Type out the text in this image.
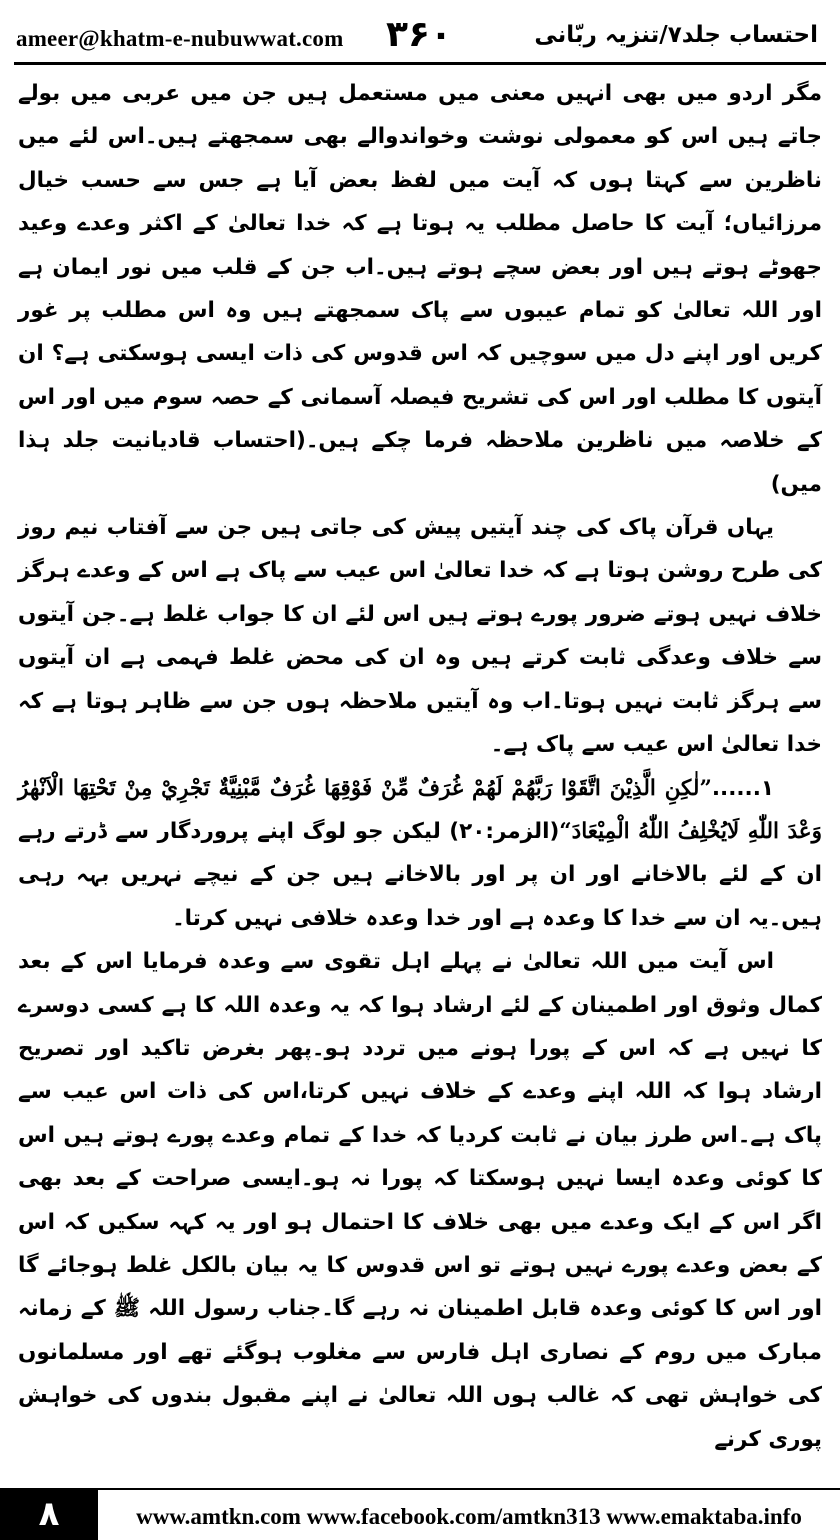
ameer@khatm-e-nubuwwat.com ۳۶۰	احتساب جلد۷/تنزیہ ربّانی

مگر اردو میں بھی انہیں معنی میں مستعمل ہیں جن میں عربی میں بولے جاتے ہیں اس کو معمولی نوشت وخواندوالے بھی سمجھتے ہیں۔اس لئے میں ناظرین سے کہتا ہوں کہ آیت میں لفظ بعض آیا ہے جس سے حسب خیال مرزائیاں؛ آیت کا حاصل مطلب یہ ہوتا ہے کہ خدا تعالیٰ کے اکثر وعدے وعید جھوٹے ہوتے ہیں اور بعض سچے ہوتے ہیں۔اب جن کے قلب میں نور ایمان ہے اور اللہ تعالیٰ کو تمام عیبوں سے پاک سمجھتے ہیں وہ اس مطلب پر غور کریں اور اپنے دل میں سوچیں کہ اس قدوس کی ذات ایسی ہوسکتی ہے؟ ان آیتوں کا مطلب اور اس کی تشریح فیصلہ آسمانی کے حصہ سوم میں اور اس کے خلاصہ میں ناظرین ملاحظہ فرما چکے ہیں۔(احتساب قادیانیت جلد ہذا میں)

یہاں قرآن پاک کی چند آیتیں پیش کی جاتی ہیں جن سے آفتاب نیم روز کی طرح روشن ہوتا ہے کہ خدا تعالیٰ اس عیب سے پاک ہے اس کے وعدے ہرگز خلاف نہیں ہوتے ضرور پورے ہوتے ہیں اس لئے ان کا جواب غلط ہے۔جن آیتوں سے خلاف وعدگی ثابت کرتے ہیں وہ ان کی محض غلط فہمی ہے ان آیتوں سے ہرگز ثابت نہیں ہوتا۔اب وہ آیتیں ملاحظہ ہوں جن سے ظاہر ہوتا ہے کہ خدا تعالیٰ اس عیب سے پاک ہے۔

۱......”لٰكِنِ الَّذِيْنَ اتَّقَوْا رَبَّهُمْ لَهُمْ غُرَفٌ مِّنْ فَوْقِهَا غُرَفٌ مَّبْنِيَّةٌ تَجْرِيْ مِنْ تَحْتِهَا الْاَنْهٰرُ وَعْدَ اللّٰهِ لَايُخْلِفُ اللّٰهُ الْمِيْعَادَ“(الزمر:۲۰) لیکن جو لوگ اپنے پروردگار سے ڈرتے رہے ان کے لئے بالاخانے اور ان پر اور بالاخانے ہیں جن کے نیچے نہریں بہہ رہی ہیں۔یہ ان سے خدا کا وعدہ ہے اور خدا وعدہ خلافی نہیں کرتا۔

اس آیت میں اللہ تعالیٰ نے پہلے اہل تقوی سے وعدہ فرمایا اس کے بعد کمال وثوق اور اطمینان کے لئے ارشاد ہوا کہ یہ وعدہ اللہ کا ہے کسی دوسرے کا نہیں ہے کہ اس کے پورا ہونے میں تردد ہو۔پھر بغرض تاکید اور تصریح ارشاد ہوا کہ اللہ اپنے وعدے کے خلاف نہیں کرتا،اس کی ذات اس عیب سے پاک ہے۔اس طرز بیان نے ثابت کردیا کہ خدا کے تمام وعدے پورے ہوتے ہیں اس کا کوئی وعدہ ایسا نہیں ہوسکتا کہ پورا نہ ہو۔ایسی صراحت کے بعد بھی اگر اس کے ایک وعدے میں بھی خلاف کا احتمال ہو اور یہ کہہ سکیں کہ اس کے بعض وعدے پورے نہیں ہوتے تو اس قدوس کا یہ بیان بالکل غلط ہوجائے گا اور اس کا کوئی وعدہ قابل اطمینان نہ رہے گا۔جناب رسول اللہ ﷺ کے زمانہ مبارک میں روم کے نصاری اہل فارس سے مغلوب ہوگئے تھے اور مسلمانوں کی خواہش تھی کہ غالب ہوں اللہ تعالیٰ نے اپنے مقبول بندوں کی خواہش پوری کرنے

۸	www.amtkn.com www.facebook.com/amtkn313 www.emaktaba.info
